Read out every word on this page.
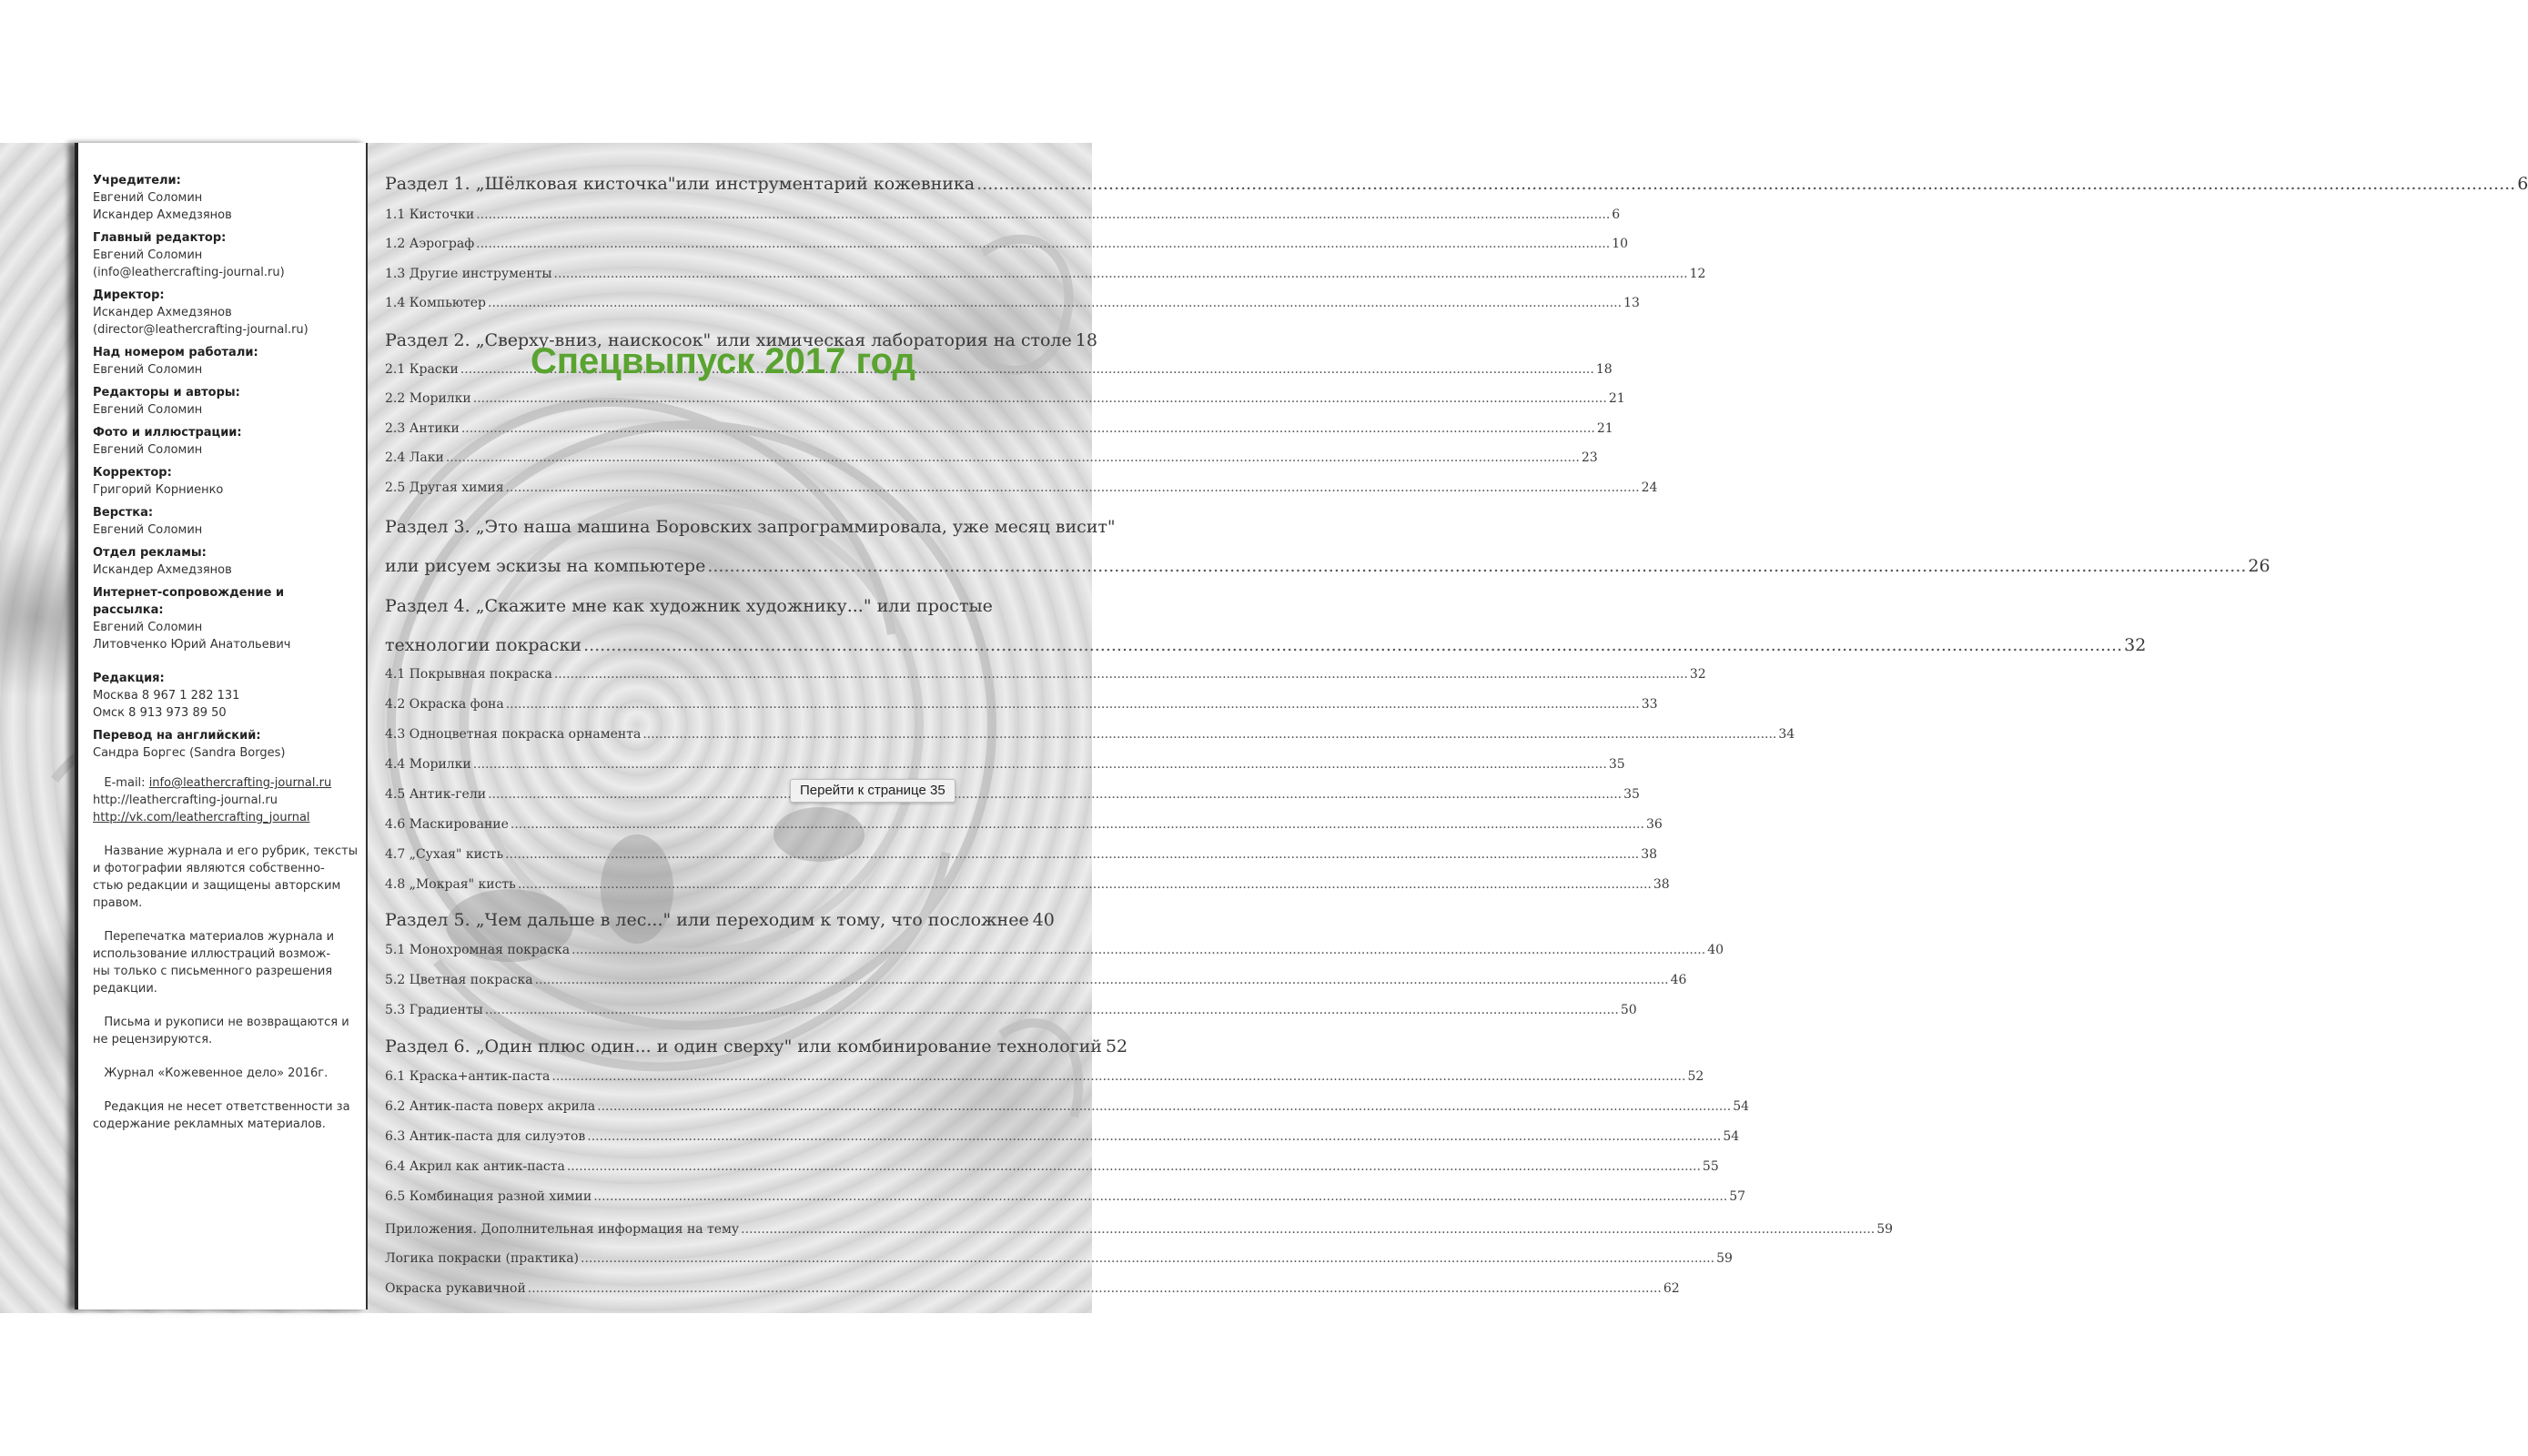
Учредители:
Евгений Соломин
Искандер Ахмедзянов
Главный редактор:
Евгений Соломин
(info@leathercrafting-journal.ru)
Директор:
Искандер Ахмедзянов
(director@leathercrafting-journal.ru)
Над номером работали:
Евгений Соломин
Редакторы и авторы:
Евгений Соломин
Фото и иллюстрации:
Евгений Соломин
Корректор:
Григорий Корниенко
Верстка:
Евгений Соломин
Отдел рекламы:
Искандер Ахмедзянов
Интернет-сопровождение и рассылка:
Евгений Соломин
Литовченко Юрий Анатольевич
Редакция:
Москва 8 967 1 282 131
Омск 8 913 973 89 50
Перевод на английский:
Сандра Боргес (Sandra Borges)
E-mail: info@leathercrafting-journal.ru
http://leathercrafting-journal.ru
http://vk.com/leathercrafting_journal
Название журнала и его рубрик, тексты
и фотографии являются собственно-
стью редакции и защищены авторским
правом.
Перепечатка материалов журнала и
использование иллюстраций возмож-
ны только с письменного разрешения
редакции.
Письма и рукописи не возвращаются и
не рецензируются.
Журнал «Кожевенное дело» 2016г.
Редакция не несет ответственности за
содержание рекламных материалов.
Раздел 1. „Шёлковая кисточка"или инструментарий кожевника .....	6
1.1 Кисточки .....	6
1.2 Аэрограф .....	10
1.3 Другие инструменты .....	12
1.4 Компьютер .....	13
Раздел 2. „Сверху-вниз, наискосок" или химическая лаборатория на столе 18
2.1 Краски .....	18
2.2 Морилки .....	21
2.3 Антики .....	21
2.4 Лаки .....	23
2.5 Другая химия .....	24
Раздел 3. „Это наша машина Боровских запрограммировала, уже месяц висит"
или рисуем эскизы на компьютере .....	26
Раздел 4. „Скажите мне как художник художнику..." или простые
технологии покраски .....	32
4.1 Покрывная покраска .....	32
4.2 Окраска фона .....	33
4.3 Одноцветная покраска орнамента .....	34
4.4 Морилки .....	35
4.5 Антик-гели .....	35
4.6 Маскирование .....	36
4.7 „Сухая" кисть .....	38
4.8 „Мокрая" кисть .....	38
Раздел 5. „Чем дальше в лес..." или переходим к тому, что посложнее 40
5.1 Монохромная покраска .....	40
5.2 Цветная покраска .....	46
5.3 Градиенты .....	50
Раздел 6. „Один плюс один... и один сверху" или комбинирование технологий 52
6.1 Краска+антик-паста .....	52
6.2 Антик-паста поверх акрила .....	54
6.3 Антик-паста для силуэтов .....	54
6.4 Акрил как антик-паста .....	55
6.5 Комбинация разной химии .....	57
Приложения. Дополнительная информация на тему .....	59
Логика покраски (практика) .....	59
Окраска рукавичной .....	62
Спецвыпуск 2017 год
Перейти к странице 35
